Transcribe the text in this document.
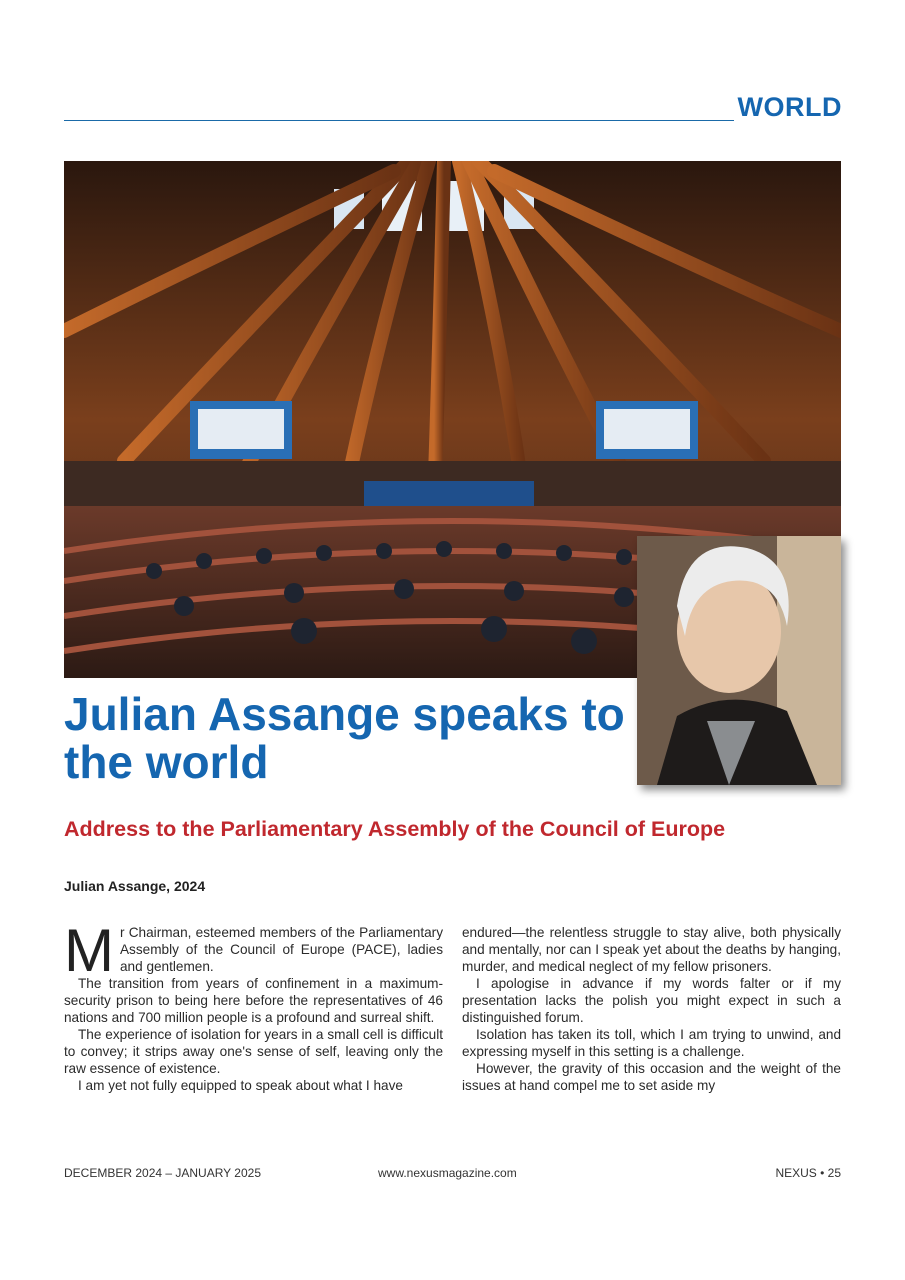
WORLD
Julian Assange speaks to the world
Address to the Parliamentary Assembly of the Council of Europe
Julian Assange, 2024

Mr Chairman, esteemed members of the Parliamentary Assembly of the Council of Europe (PACE), ladies and gentlemen.

The transition from years of confinement in a maximum-security prison to being here before the representatives of 46 nations and 700 million people is a profound and surreal shift.

The experience of isolation for years in a small cell is difficult to convey; it strips away one's sense of self, leaving only the raw essence of existence.

I am yet not fully equipped to speak about what I have

endured—the relentless struggle to stay alive, both physically and mentally, nor can I speak yet about the deaths by hanging, murder, and medical neglect of my fellow prisoners.

I apologise in advance if my words falter or if my presentation lacks the polish you might expect in such a distinguished forum.

Isolation has taken its toll, which I am trying to unwind, and expressing myself in this setting is a challenge.

However, the gravity of this occasion and the weight of the issues at hand compel me to set aside my

DECEMBER 2024 – JANUARY 2025	www.nexusmagazine.com	NEXUS • 25
